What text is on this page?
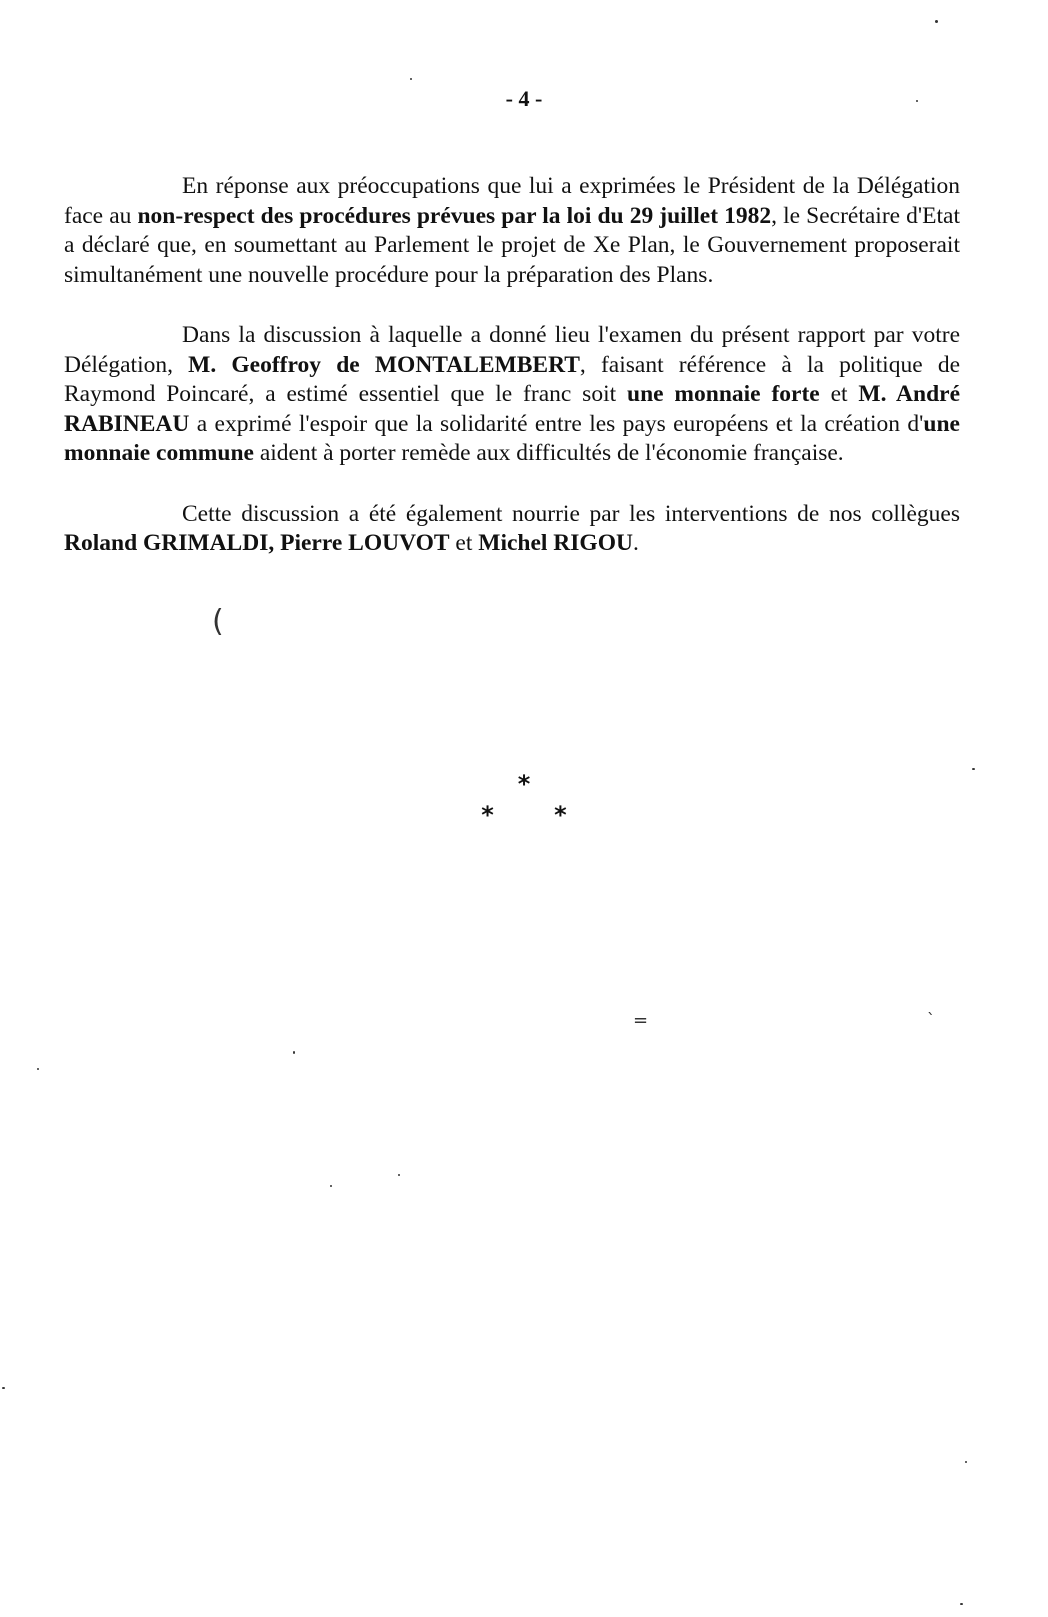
- 4 -

En réponse aux préoccupations que lui a exprimées le Président de la Délégation face au non-respect des procédures prévues par la loi du 29 juillet 1982, le Secrétaire d'Etat a déclaré que, en soumettant au Parlement le projet de Xe Plan, le Gouvernement proposerait simultanément une nouvelle procédure pour la préparation des Plans.

Dans la discussion à laquelle a donné lieu l'examen du présent rapport par votre Délégation, M. Geoffroy de MONTALEMBERT, faisant référence à la politique de Raymond Poincaré, a estimé essentiel que le franc soit une monnaie forte et M. André RABINEAU a exprimé l'espoir que la solidarité entre les pays européens et la création d'une monnaie commune aident à porter remède aux difficultés de l'économie française.

Cette discussion a été également nourrie par les interventions de nos collègues Roland GRIMALDI, Pierre LOUVOT et Michel RIGOU.

*
*	*
=	`
(
